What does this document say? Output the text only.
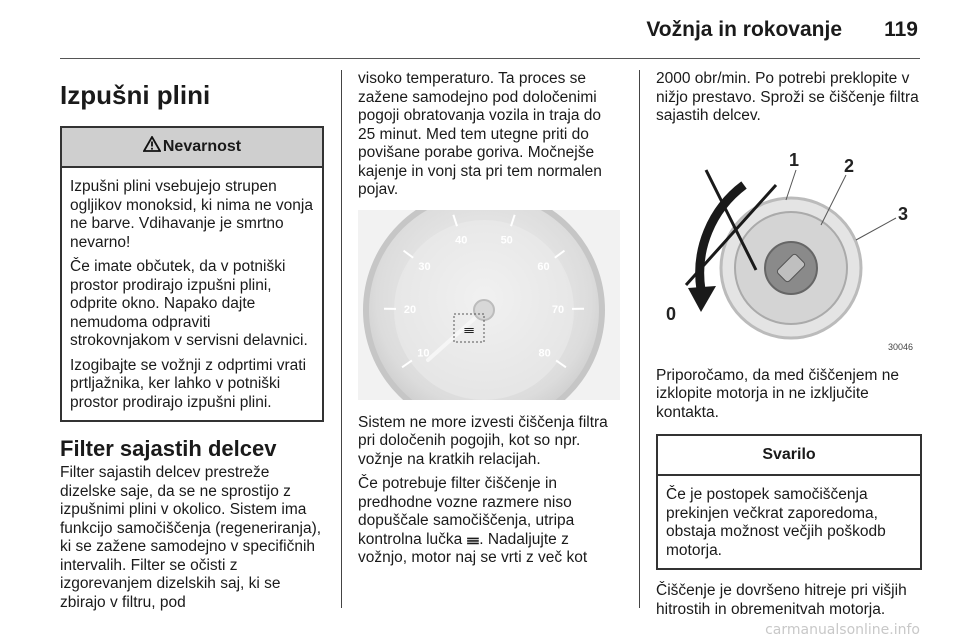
Vožnja in rokovanje 119
Izpušni plini
Nevarnost

Izpušni plini vsebujejo strupen ogljikov monoksid, ki nima ne vonja ne barve. Vdihavanje je smrtno nevarno!

Če imate občutek, da v potniški prostor prodirajo izpušni plini, odprite okno. Napako dajte nemudoma odpraviti strokovnjakom v servisni delavnici.

Izogibajte se vožnji z odprtimi vrati prtljažnika, ker lahko v potniški prostor prodirajo izpušni plini.

Filter sajastih delcev

Filter sajastih delcev prestreže dizelske saje, da se ne sprostijo z izpušnimi plini v okolico. Sistem ima funkcijo samočiščenja (regeneriranja), ki se zažene samodejno v specifičnih intervalih. Filter se očisti z izgorevanjem dizelskih saj, ki se zbirajo v filtru, pod

visoko temperaturo. Ta proces se zažene samodejno pod določenimi pogoji obratovanja vozila in traja do 25 minut. Med tem utegne priti do povišane porabe goriva. Močnejše kajenje in vonj sta pri tem normalen pojav.

10
20
30
40	50
60
70
80
𝍢

Sistem ne more izvesti čiščenja filtra pri določenih pogojih, kot so npr. vožnje na kratkih relacijah.

Če potrebuje filter čiščenje in predhodne vozne razmere niso dopuščale samočiščenja, utripa kontrolna lučka 𝍢. Nadaljujte z vožnjo, motor naj se vrti z več kot

2000 obr/min. Po potrebi preklopite v nižjo prestavo. Sproži se čiščenje filtra sajastih delcev.

1 2
3
0
30046

Priporočamo, da med čiščenjem ne izklopite motorja in ne izključite kontakta.

Svarilo

Če je postopek samočiščenja prekinjen večkrat zaporedoma, obstaja možnost večjih poškodb motorja.

Čiščenje je dovršeno hitreje pri višjih hitrostih in obremenitvah motorja.

carmanualsonline.info
